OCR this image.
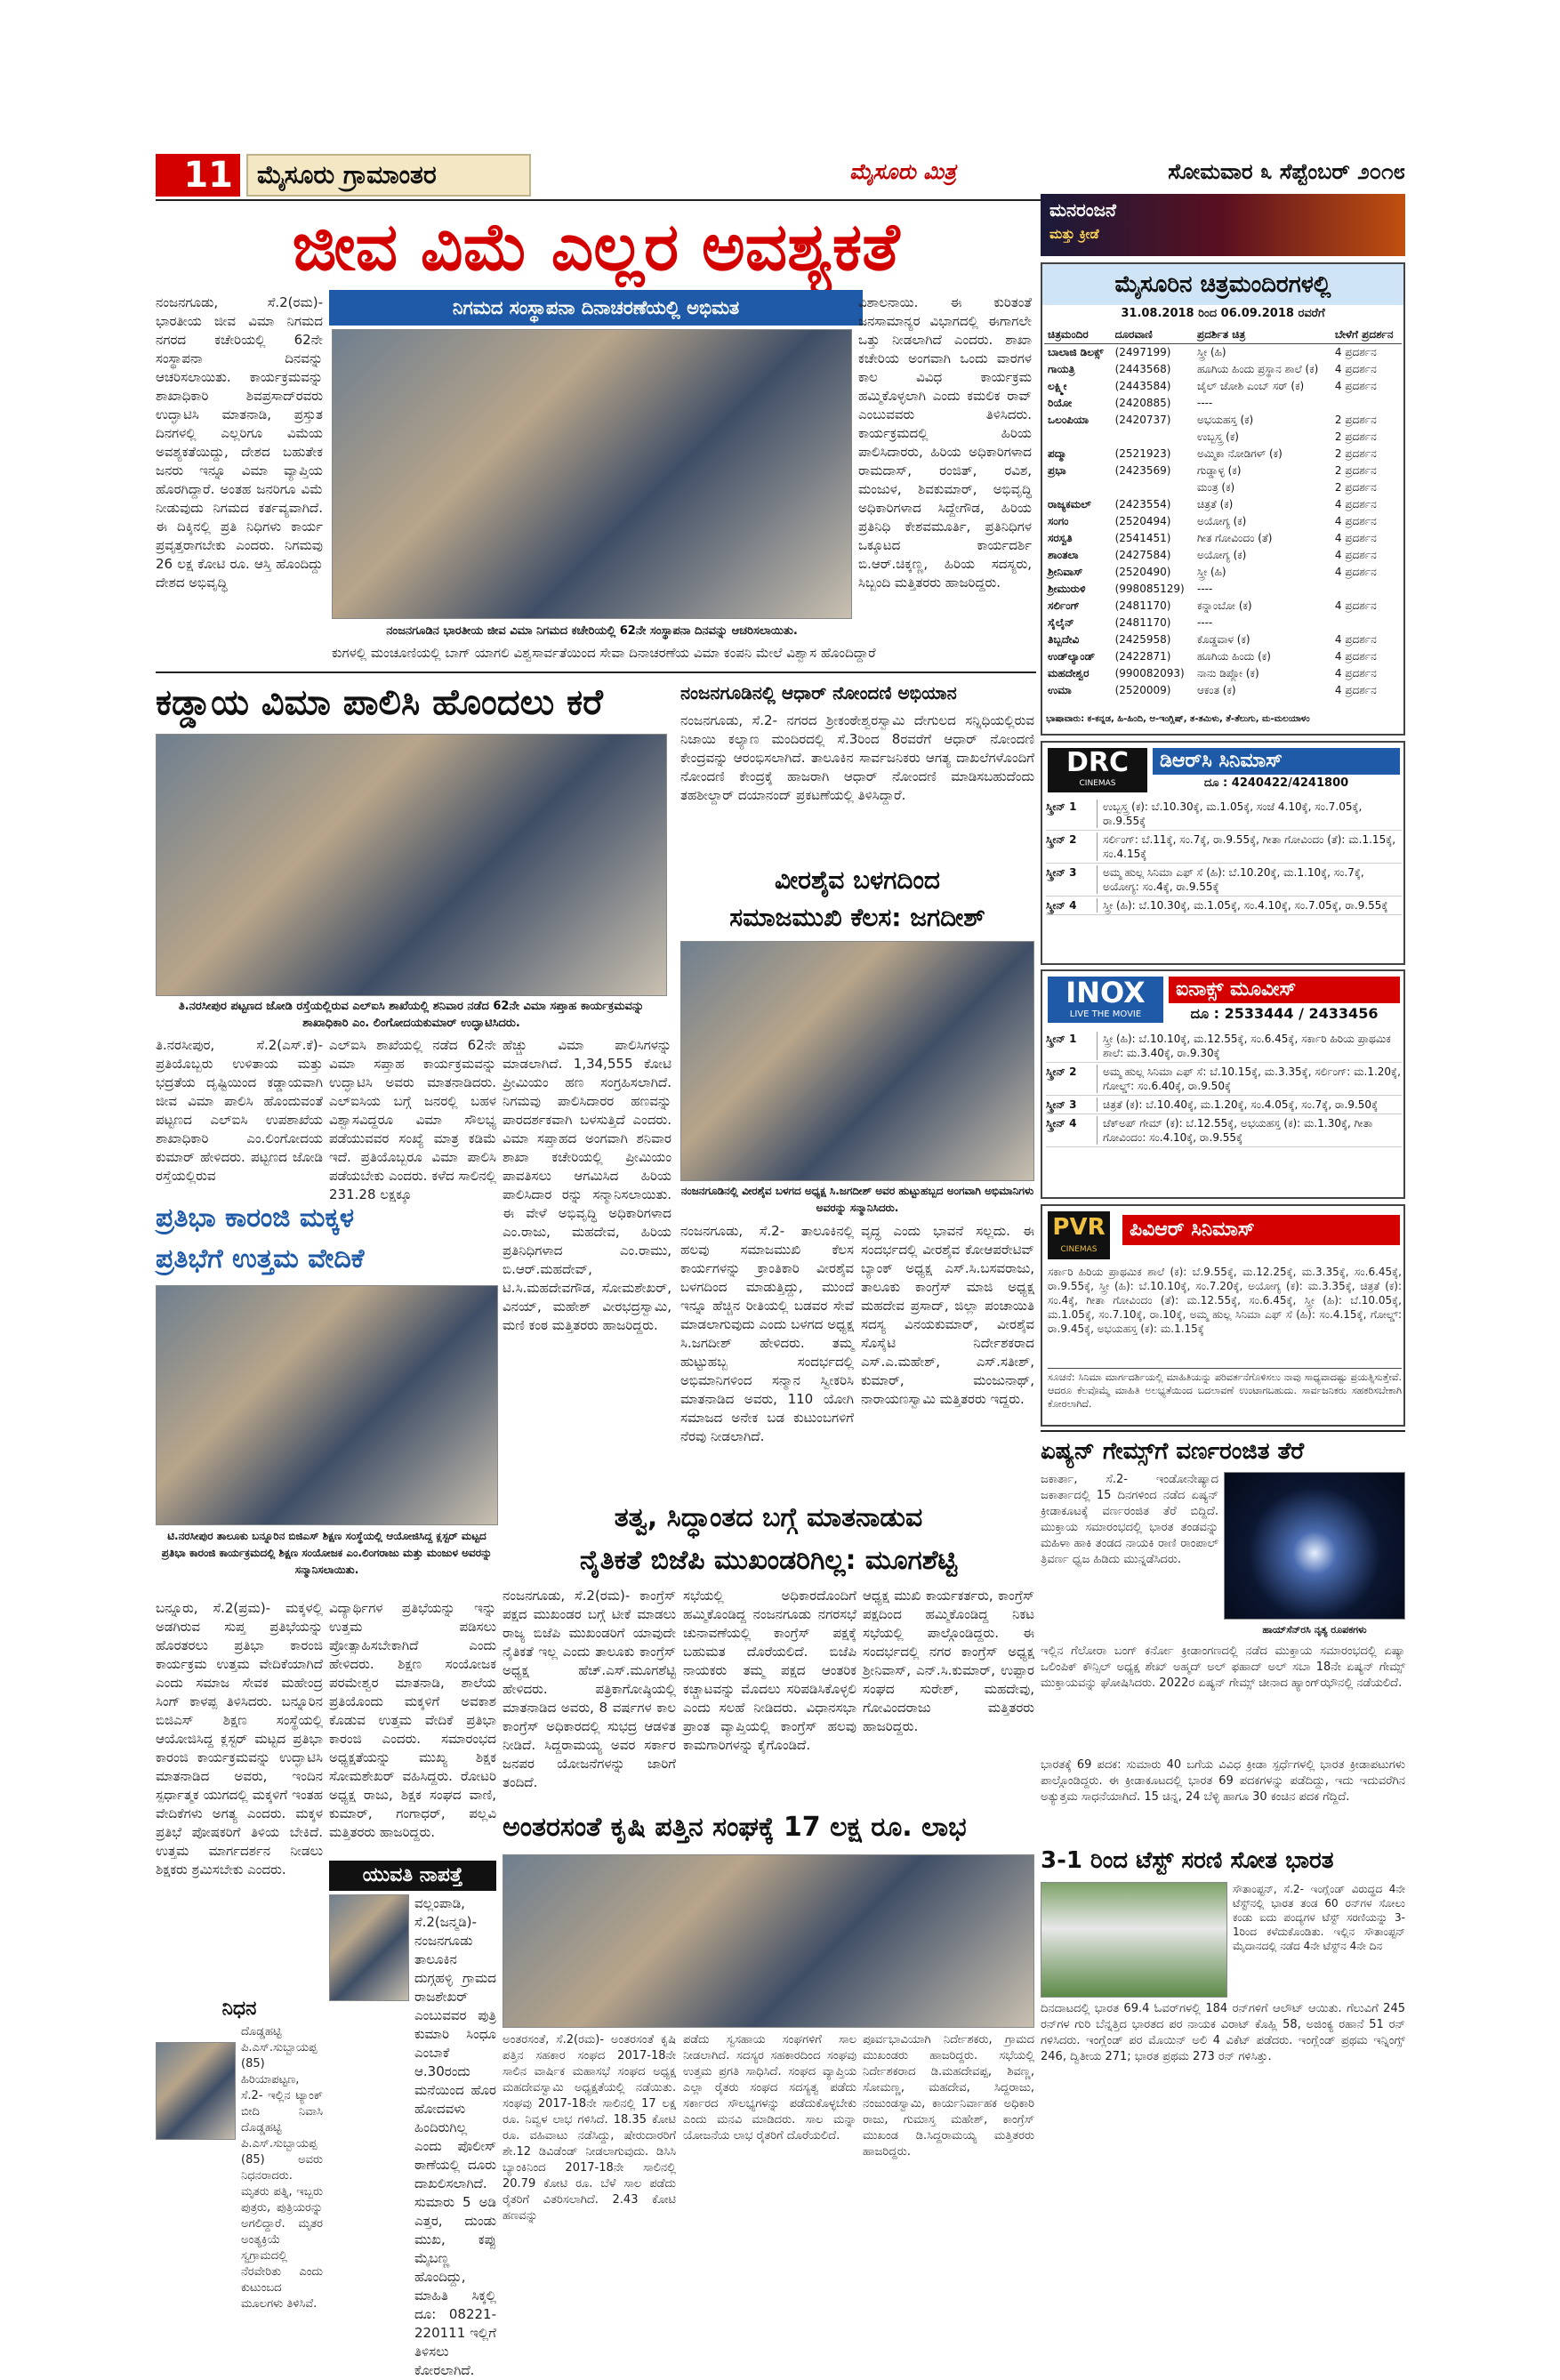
11 ಮೈಸೂರು ಗ್ರಾಮಾಂತರ	ಮೈಸೂರು ಮಿತ್ರ	ಸೋಮವಾರ ೩ ಸೆಪ್ಟೆಂಬರ್ ೨೦೧೮
ಜೀವ ವಿಮೆ ಎಲ್ಲರ ಅವಶ್ಯಕತೆ
ನಿಗಮದ ಸಂಸ್ಥಾಪನಾ ದಿನಾಚರಣೆಯಲ್ಲಿ ಅಭಿಮತ
ನಂಜನಗೂಡು, ಸೆ.2(ರಮ)- ಭಾರತೀಯ ಜೀವ ವಿಮಾ ನಿಗಮದ ನಗರದ ಕಚೇರಿಯಲ್ಲಿ 62ನೇ ಸಂಸ್ಥಾಪನಾ ದಿನವನ್ನು ಆಚರಿಸಲಾಯಿತು. ಕಾರ್ಯಕ್ರಮವನ್ನು ಶಾಖಾಧಿಕಾರಿ ಶಿವಪ್ರಸಾದ್‌ರವರು ಉದ್ಘಾಟಿಸಿ ಮಾತನಾಡಿ, ಪ್ರಸ್ತುತ ದಿನಗಳಲ್ಲಿ ಎಲ್ಲರಿಗೂ ವಿಮೆಯ ಅವಶ್ಯಕತೆಯಿದ್ದು, ದೇಶದ ಬಹುತೇಕ ಜನರು ಇನ್ನೂ ವಿಮಾ ವ್ಯಾಪ್ತಿಯ ಹೊರಗಿದ್ದಾರೆ. ಅಂತಹ ಜನರಿಗೂ ವಿಮೆ ನೀಡುವುದು ನಿಗಮದ ಕರ್ತವ್ಯವಾಗಿದೆ. ಈ ದಿಕ್ಕಿನಲ್ಲಿ ಪ್ರತಿ ನಿಧಿಗಳು ಕಾರ್ಯ ಪ್ರವೃತ್ತರಾಗಬೇಕು ಎಂದರು. ನಿಗಮವು 26 ಲಕ್ಷ ಕೋಟಿ ರೂ. ಆಸ್ತಿ ಹೊಂದಿದ್ದು ದೇಶದ ಅಭಿವೃದ್ಧಿ
ನಂಜನಗೂಡಿನ ಭಾರತೀಯ ಜೀವ ವಿಮಾ ನಿಗಮದ ಕಚೇರಿಯಲ್ಲಿ 62ನೇ ಸಂಸ್ಥಾಪನಾ ದಿನವನ್ನು ಆಚರಿಸಲಾಯಿತು.
ಕುಗಳಲ್ಲಿ ಮಂಚೂಣಿಯಲ್ಲಿ ಬಾಗ್ ಯಾಗಲಿ ವಿಶ್ವಸಾರ್ವತೆಯಿಂದ ಸೇವಾ ದಿನಾಚರಣೆಯ ವಿಮಾ ಕಂಪನಿ ಮೇಲೆ ವಿಶ್ವಾಸ ಹೊಂದಿದ್ದಾರೆ
ವಿಶಾಲನಾಯಿ. ಈ ಕುರಿತಂತೆ ಜನಸಾಮಾನ್ಯರ ವಿಭಾಗದಲ್ಲಿ ಈಗಾಗಲೇ ಒತ್ತು ನೀಡಲಾಗಿದೆ ಎಂದರು. ಶಾಖಾ ಕಚೇರಿಯ ಅಂಗವಾಗಿ ಒಂದು ವಾರಗಳ ಕಾಲ ವಿವಿಧ ಕಾರ್ಯಕ್ರಮ ಹಮ್ಮಿಕೊಳ್ಳಲಾಗಿ ಎಂದು ಕಮಲಿಕ ರಾವ್ ಎಂಬುವವರು ತಿಳಿಸಿದರು. ಕಾರ್ಯಕ್ರಮದಲ್ಲಿ ಹಿರಿಯ ಪಾಲಿಸಿದಾರರು, ಹಿರಿಯ ಅಧಿಕಾರಿಗಳಾದ ರಾಮದಾಸ್, ರಂಜಿತ್, ರವಿಶ, ಮಂಜುಳ, ಶಿವಕುಮಾರ್, ಅಭಿವೃದ್ಧಿ ಅಧಿಕಾರಿಗಳಾದ ಸಿದ್ದೇಗೌಡ, ಹಿರಿಯ ಪ್ರತಿನಿಧಿ ಕೇಶವಮೂರ್ತಿ, ಪ್ರತಿನಿಧಿಗಳ ಒಕ್ಕೂಟದ ಕಾರ್ಯದರ್ಶಿ ಬಿ.ಆರ್.ಚಿಕ್ಕಣ್ಣ, ಹಿರಿಯ ಸದಸ್ಯರು, ಸಿಬ್ಬಂದಿ ಮತ್ತಿತರರು ಹಾಜರಿದ್ದರು.
ಮನರಂಜನೆ
ಮತ್ತು ಕ್ರೀಡೆ
ಮೈಸೂರಿನ ಚಿತ್ರಮಂದಿರಗಳಲ್ಲಿ
31.08.2018 ರಿಂದ 06.09.2018 ರವರೆಗೆ
ಚಿತ್ರಮಂದಿರ	ದೂರವಾಣಿ	ಪ್ರದರ್ಶಿತ ಚಿತ್ರ	ಬೇಳೆಗೆ ಪ್ರದರ್ಶನ
ಬಾಲಾಜಿ ಡಿಲಕ್ಸ್	(2497199)	ಸ್ತ್ರೀ (ಹಿ)	4 ಪ್ರದರ್ಶನ
ಗಾಯತ್ರಿ	(2443568)	ಹೂಗಿಯ ಹಿಂದು ಪ್ರಸ್ಥಾನ ಶಾಲೆ (ಕ)	4 ಪ್ರದರ್ಶನ
ಲಕ್ಷ್ಮೀ	(2443584)	ಜೈಲ್ ಜೋಶಿ ಎಂಬ್ ಸರ್ (ಕ)	4 ಪ್ರದರ್ಶನ
ರಿಯೋ	(2420885)	----	
ಒಲಂಪಿಯಾ	(2420737)	ಅಭಯಹಸ್ತ (ಕ)	2 ಪ್ರದರ್ಶನ
		ಉಬ್ಬಸ್ತ್ರ (ಕ)	2 ಪ್ರದರ್ಶನ
ಪದ್ಮಾ	(2521923)	ಅಮ್ಮಿಕಾ ನೋಡಿಗಳ್ (ಕ)	2 ಪ್ರದರ್ಶನ
ಪ್ರಭಾ	(2423569)	ಗುಡ್ಡಾಳ್ಳ (ಕ)	2 ಪ್ರದರ್ಶನ
		ಮಂತ್ರ (ಕ)	2 ಪ್ರದರ್ಶನ
ರಾಜ್ಯಕಮಲ್	(2423554)	ಚಿತ್ರತೆ (ಕ)	4 ಪ್ರದರ್ಶನ
ಸಂಗಂ	(2520494)	ಅಯೋಗ್ಯ (ಕ)	4 ಪ್ರದರ್ಶನ
ಸರಸ್ವತಿ	(2541451)	ಗೀತ ಗೋವಿಂದಂ (ತೆ)	4 ಪ್ರದರ್ಶನ
ಶಾಂತಲಾ	(2427584)	ಅಯೋಗ್ಯ (ಕ)	4 ಪ್ರದರ್ಶನ
ಶ್ರೀನಿವಾಸ್	(2520490)	ಸ್ತ್ರೀ (ಹಿ)	4 ಪ್ರದರ್ಶನ
ಶ್ರೀಮುರುಳಿ	(998085129)	----	
ಸರ್ಲಿಂಗ್	(2481170)	ಕನ್ನಾಂಬೋ (ಕ)	4 ಪ್ರದರ್ಶನ
ಸೈಲೈನ್	(2481170)	----	
ತಿಬ್ಬದೇವಿ	(2425958)	ಕೊಡ್ಡವಾಳ (ಕ)	4 ಪ್ರದರ್ಶನ
ಉಡ್‌ಲ್ಯಾಂಡ್	(2422871)	ಹೂಗಿಯ ಹಿಂದು (ಕ)	4 ಪ್ರದರ್ಶನ
ಮಹದೇಶ್ವರ	(990082093)	ನಾನು ಡಿಪ್ಲೋ (ಕ)	4 ಪ್ರದರ್ಶನ
ಉಮಾ	(2520009)	ಆಕಂತ (ಕ)	4 ಪ್ರದರ್ಶನ
ಭಾಷಾವಾರು: ಕ-ಕನ್ನಡ, ಹಿ-ಹಿಂದಿ, ಆ-ಇಂಗ್ಲಿಷ್, ತ-ತಮಿಳು, ತೆ-ತೆಲುಗು, ಮ-ಮಲಯಾಳಂ
DRC
CINEMAS
ಡಿಆರ್‌ಸಿ ಸಿನಿಮಾಸ್
ದೂ : 4240422/4241800
ಸ್ಕ್ರೀನ್ 1	ಉಬ್ಬಸ್ತ್ರ (ಕ): ಬೆ.10.30ಕ್ಕೆ, ಮ.1.05ಕ್ಕೆ, ಸಂಜೆ 4.10ಕ್ಕೆ, ಸಂ.7.05ಕ್ಕೆ, ರಾ.9.55ಕ್ಕೆ
ಸ್ಕ್ರೀನ್ 2	ಸರ್ಲಿಂಗ್: ಬೆ.11ಕ್ಕೆ, ಸಂ.7ಕ್ಕೆ, ರಾ.9.55ಕ್ಕೆ, ಗೀತಾ ಗೋವಿಂದಂ (ತೆ): ಮ.1.15ಕ್ಕೆ, ಸಂ.4.15ಕ್ಕೆ
ಸ್ಕ್ರೀನ್ 3	ಅಮ್ಮ ಹುಲ್ಲ ಸಿನಿಮಾ ಎಫ್ ಸೆ (ಹಿ): ಬೆ.10.20ಕ್ಕೆ, ಮ.1.10ಕ್ಕೆ, ಸಂ.7ಕ್ಕೆ, ಅಯೋಗ್ಯ: ಸಂ.4ಕ್ಕೆ, ರಾ.9.55ಕ್ಕೆ
ಸ್ಕ್ರೀನ್ 4	ಸ್ತ್ರೀ (ಹಿ): ಬೆ.10.30ಕ್ಕೆ, ಮ.1.05ಕ್ಕೆ, ಸಂ.4.10ಕ್ಕೆ, ಸಂ.7.05ಕ್ಕೆ, ರಾ.9.55ಕ್ಕೆ
INOX
LIVE THE MOVIE
ಐನಾಕ್ಸ್ ಮೂವೀಸ್
ದೂ : 2533444 / 2433456
ಸ್ಕ್ರೀನ್ 1	ಸ್ತ್ರೀ (ಹಿ): ಬೆ.10.10ಕ್ಕೆ, ಮ.12.55ಕ್ಕೆ, ಸಂ.6.45ಕ್ಕೆ, ಸರ್ಕಾರಿ ಹಿರಿಯ ಪ್ರಾಥಮಿಕ ಶಾಲೆ: ಮ.3.40ಕ್ಕೆ, ರಾ.9.30ಕ್ಕೆ
ಸ್ಕ್ರೀನ್ 2	ಅಮ್ಮ ಹುಲ್ಲ ಸಿನಿಮಾ ಎಫ್ ಸೆ: ಬೆ.10.15ಕ್ಕೆ, ಮ.3.35ಕ್ಕೆ, ಸರ್ಲಿಂಗ್: ಮ.1.20ಕ್ಕೆ, ಗೋಲ್ಡ್: ಸಂ.6.40ಕ್ಕೆ, ರಾ.9.50ಕ್ಕೆ
ಸ್ಕ್ರೀನ್ 3	ಚಿತ್ರತೆ (ಕ): ಬೆ.10.40ಕ್ಕೆ, ಮ.1.20ಕ್ಕೆ, ಸಂ.4.05ಕ್ಕೆ, ಸಂ.7ಕ್ಕೆ, ರಾ.9.50ಕ್ಕೆ
ಸ್ಕ್ರೀನ್ 4	ಚೆಕ್‌ಅಪ್ ಗೇಮ್ (ಕ): ಬೆ.12.55ಕ್ಕೆ, ಅಭಯಹಸ್ತ (ಕ): ಮ.1.30ಕ್ಕೆ, ಗೀತಾ ಗೋವಿಂದಂ: ಸಂ.4.10ಕ್ಕೆ, ರಾ.9.55ಕ್ಕೆ
PVR
CINEMAS
ಪಿವಿಆರ್ ಸಿನಿಮಾಸ್
ಸರ್ಕಾರಿ ಹಿರಿಯ ಪ್ರಾಥಮಿಕ ಶಾಲೆ (ಕ): ಬೆ.9.55ಕ್ಕೆ, ಮ.12.25ಕ್ಕೆ, ಮ.3.35ಕ್ಕೆ, ಸಂ.6.45ಕ್ಕೆ, ರಾ.9.55ಕ್ಕೆ, ಸ್ತ್ರೀ (ಹಿ): ಬೆ.10.10ಕ್ಕೆ, ಸಂ.7.20ಕ್ಕೆ, ಅಯೋಗ್ಯ (ಕ): ಮ.3.35ಕ್ಕೆ, ಚಿತ್ರತೆ (ಕ): ಸಂ.4ಕ್ಕೆ, ಗೀತಾ ಗೋವಿಂದಂ (ತೆ): ಮ.12.55ಕ್ಕೆ, ಸಂ.6.45ಕ್ಕೆ, ಸ್ತ್ರೀ (ಹಿ): ಬೆ.10.05ಕ್ಕೆ, ಮ.1.05ಕ್ಕೆ, ಸಂ.7.10ಕ್ಕೆ, ರಾ.10ಕ್ಕೆ, ಅಮ್ಮ ಹುಲ್ಲ ಸಿನಿಮಾ ಎಫ್ ಸೆ (ಹಿ): ಸಂ.4.15ಕ್ಕೆ, ಗೋಲ್ಡ್: ರಾ.9.45ಕ್ಕೆ, ಅಭಯಹಸ್ತ (ಕ): ಮ.1.15ಕ್ಕೆ
ಸೂಚನೆ: ಸಿನಿಮಾ ಮಾರ್ಗದರ್ಶಿಯಲ್ಲಿ ಮಾಹಿತಿಯನ್ನು ಪರಿವರ್ತನೆಗೊಳಿಸಲು ನಾವು ಸಾಧ್ಯವಾದಷ್ಟು ಪ್ರಯತ್ನಿಸುತ್ತೇವೆ. ಆದರೂ ಕೆಲವೊಮ್ಮೆ ಮಾಹಿತಿ ಅಲಭ್ಯತೆಯಿಂದ ಬದಲಾವಣೆ ಉಂಟಾಗಬಹುದು. ಸಾರ್ವಜನಿಕರು ಸಹಕರಿಸಬೇಕಾಗಿ ಕೋರಲಾಗಿದೆ.
ಕಡ್ಡಾಯ ವಿಮಾ ಪಾಲಿಸಿ ಹೊಂದಲು ಕರೆ
ತಿ.ನರಸೀಪುರ ಪಟ್ಟಣದ ಜೋಡಿ ರಸ್ತೆಯಲ್ಲಿರುವ ಎಲ್‌ಐಸಿ ಶಾಖೆಯಲ್ಲಿ ಶನಿವಾರ ನಡೆದ 62ನೇ ವಿಮಾ ಸಪ್ತಾಹ ಕಾರ್ಯಕ್ರಮವನ್ನು ಶಾಖಾಧಿಕಾರಿ ಎಂ. ಲಿಂಗೋದಯಕುಮಾರ್ ಉದ್ಘಾಟಿಸಿದರು.
ತಿ.ನರಸೀಪುರ, ಸೆ.2(ಎಸ್.ಕೆ)- ಪ್ರತಿಯೊಬ್ಬರು ಉಳಿತಾಯ ಮತ್ತು ಭದ್ರತೆಯ ದೃಷ್ಟಿಯಿಂದ ಕಡ್ಡಾಯವಾಗಿ ಜೀವ ವಿಮಾ ಪಾಲಿಸಿ ಹೊಂದುವಂತೆ ಪಟ್ಟಣದ ಎಲ್‌ಐಸಿ ಉಪಶಾಖೆಯ ಶಾಖಾಧಿಕಾರಿ ಎಂ.ಲಿಂಗೋದಯ ಕುಮಾರ್ ಹೇಳಿದರು. ಪಟ್ಟಣದ ಜೋಡಿ ರಸ್ತೆಯಲ್ಲಿರುವ
ಎಲ್‌ಐಸಿ ಶಾಖೆಯಲ್ಲಿ ನಡೆದ 62ನೇ ವಿಮಾ ಸಪ್ತಾಹ ಕಾರ್ಯಕ್ರಮವನ್ನು ಉದ್ಘಾಟಿಸಿ ಅವರು ಮಾತನಾಡಿದರು. ಎಲ್‌ಐಸಿಯ ಬಗ್ಗೆ ಜನರಲ್ಲಿ ಬಹಳ ವಿಶ್ವಾಸವಿದ್ದರೂ ವಿಮಾ ಸೌಲಭ್ಯ ಪಡೆಯುವವರ ಸಂಖ್ಯೆ ಮಾತ್ರ ಕಡಿಮೆ ಇದೆ. ಪ್ರತಿಯೊಬ್ಬರೂ ವಿಮಾ ಪಾಲಿಸಿ ಪಡೆಯಬೇಕು ಎಂದರು. ಕಳೆದ ಸಾಲಿನಲ್ಲಿ 231.28 ಲಕ್ಷಕ್ಕೂ
ಹೆಚ್ಚು ವಿಮಾ ಪಾಲಿಸಿಗಳನ್ನು ಮಾಡಲಾಗಿದೆ. 1,34,555 ಕೋಟಿ ಪ್ರೀಮಿಯಂ ಹಣ ಸಂಗ್ರಹಿಸಲಾಗಿದೆ. ನಿಗಮವು ಪಾಲಿಸಿದಾರರ ಹಣವನ್ನು ಪಾರದರ್ಶಕವಾಗಿ ಬಳಸುತ್ತಿದೆ ಎಂದರು. ವಿಮಾ ಸಪ್ತಾಹದ ಅಂಗವಾಗಿ ಶನಿವಾರ ಶಾಖಾ ಕಚೇರಿಯಲ್ಲಿ ಪ್ರೀಮಿಯಂ ಪಾವತಿಸಲು ಆಗಮಿಸಿದ ಹಿರಿಯ ಪಾಲಿಸಿದಾರ ರನ್ನು ಸನ್ಮಾನಿಸಲಾಯಿತು. ಈ ವೇಳೆ ಅಭಿವೃದ್ಧಿ ಅಧಿಕಾರಿಗಳಾದ ಎಂ.ರಾಜು, ಮಹದೇವ, ಹಿರಿಯ ಪ್ರತಿನಿಧಿಗಳಾದ ಎಂ.ರಾಮು, ಬಿ.ಆರ್.ಮಹದೇವ್, ಟಿ.ಸಿ.ಮಹದೇವಗೌಡ, ಸೋಮಶೇಖರ್, ವಿನಯ್, ಮಹೇಶ್ ವೀರಭದ್ರಸ್ವಾಮಿ, ಮಣಿ ಕಂಠ ಮತ್ತಿತರರು ಹಾಜರಿದ್ದರು.
ನಂಜನಗೂಡಿನಲ್ಲಿ ಆಧಾರ್ ನೋಂದಣಿ ಅಭಿಯಾನ
ನಂಜನಗೂಡು, ಸೆ.2- ನಗರದ ಶ್ರೀಕಂಠೇಶ್ವರಸ್ವಾಮಿ ದೇಗುಲದ ಸನ್ನಿಧಿಯಲ್ಲಿರುವ ನಿಜಾಯಿ ಕಲ್ಯಾಣ ಮಂದಿರದಲ್ಲಿ ಸೆ.3ರಿಂದ 8ರವರೆಗೆ ಆಧಾರ್ ನೋಂದಣಿ ಕೇಂದ್ರವನ್ನು ಆರಂಭಿಸಲಾಗಿದೆ. ತಾಲೂಕಿನ ಸಾರ್ವಜನಿಕರು ಆಗತ್ಯ ದಾಖಲೆಗಳೊಂದಿಗೆ ನೋಂದಣಿ ಕೇಂದ್ರಕ್ಕೆ ಹಾಜರಾಗಿ ಆಧಾರ್ ನೋಂದಣಿ ಮಾಡಿಸಬಹುದೆಂದು ತಹಶೀಲ್ದಾರ್ ದಯಾನಂದ್ ಪ್ರಕಟಣೆಯಲ್ಲಿ ತಿಳಿಸಿದ್ದಾರೆ.
ವೀರಶೈವ ಬಳಗದಿಂದ
ಸಮಾಜಮುಖಿ ಕೆಲಸ: ಜಗದೀಶ್
ನಂಜನಗೂಡಿನಲ್ಲಿ ವೀರಶೈವ ಬಳಗದ ಅಧ್ಯಕ್ಷ ಸಿ.ಜಗದೀಶ್ ಅವರ ಹುಟ್ಟುಹಬ್ಬದ ಅಂಗವಾಗಿ ಅಭಿಮಾನಿಗಳು ಅವರನ್ನು ಸನ್ಮಾನಿಸಿದರು.
ನಂಜನಗೂಡು, ಸೆ.2- ತಾಲೂಕಿನಲ್ಲಿ ಹಲವು ಸಮಾಜಮುಖಿ ಕೆಲಸ ಕಾರ್ಯಗಳನ್ನು ಕ್ರಾಂತಿಕಾರಿ ವೀರಶೈವ ಬಳಗದಿಂದ ಮಾಡುತ್ತಿದ್ದು, ಮುಂದೆ ಇನ್ನೂ ಹೆಚ್ಚಿನ ರೀತಿಯಲ್ಲಿ ಬಡವರ ಸೇವೆ ಮಾಡಲಾಗುವುದು ಎಂದು ಬಳಗದ ಅಧ್ಯಕ್ಷ ಸಿ.ಜಗದೀಶ್ ಹೇಳಿದರು. ತಮ್ಮ ಹುಟ್ಟುಹಬ್ಬ ಸಂದರ್ಭದಲ್ಲಿ ಅಭಿಮಾನಿಗಳಿಂದ ಸನ್ಮಾನ ಸ್ವೀಕರಿಸಿ ಮಾತನಾಡಿದ ಅವರು, 110 ಯೋಗಿ ಸಮಾಜದ ಅನೇಕ ಬಡ ಕುಟುಂಬಗಳಿಗೆ ನೆರವು ನೀಡಲಾಗಿದೆ.
ವೃದ್ಧ ಎಂದು ಭಾವನೆ ಸಲ್ಲದು. ಈ ಸಂದರ್ಭದಲ್ಲಿ ವೀರಶೈವ ಕೋಆಪರೇಟಿವ್ ಬ್ಯಾಂಕ್ ಅಧ್ಯಕ್ಷ ಎಸ್.ಸಿ.ಬಸವರಾಜು, ತಾಲೂಕು ಕಾಂಗ್ರೆಸ್ ಮಾಜಿ ಅಧ್ಯಕ್ಷ ಮಹದೇವ ಪ್ರಸಾದ್, ಜಿಲ್ಲಾ ಪಂಚಾಯಿತಿ ಸದಸ್ಯ ವಿನಯಕುಮಾರ್, ವೀರಶೈವ ಸೊಸೈಟಿ ನಿರ್ದೇಶಕರಾದ ಎಸ್.ಎ.ಮಹೇಶ್, ಎಸ್.ಸತೀಶ್, ಕುಮಾರ್, ಮಂಜುನಾಥ್, ನಾರಾಯಣಸ್ವಾಮಿ ಮತ್ತಿತರರು ಇದ್ದರು.
ಪ್ರತಿಭಾ ಕಾರಂಜಿ ಮಕ್ಕಳ
ಪ್ರತಿಭೆಗೆ ಉತ್ತಮ ವೇದಿಕೆ
ಟಿ.ನರಸೀಪುರ ತಾಲೂಕು ಬನ್ನೂರಿನ ಬಿಜಿಎಸ್ ಶಿಕ್ಷಣ ಸಂಸ್ಥೆಯಲ್ಲಿ ಆಯೋಜಿಸಿದ್ದ ಕ್ಲಸ್ಟರ್ ಮಟ್ಟದ ಪ್ರತಿಭಾ ಕಾರಂಜಿ ಕಾರ್ಯಕ್ರಮದಲ್ಲಿ ಶಿಕ್ಷಣ ಸಂಯೋಜಕ ಎಂ.ಲಿಂಗರಾಜು ಮತ್ತು ಮಂಜುಳ ಅವರನ್ನು ಸನ್ಮಾನಿಸಲಾಯಿತು.
ತತ್ವ, ಸಿದ್ಧಾಂತದ ಬಗ್ಗೆ ಮಾತನಾಡುವ
ನೈತಿಕತೆ ಬಿಜೆಪಿ ಮುಖಂಡರಿಗಿಲ್ಲ: ಮೂಗಶೆಟ್ಟಿ
ನಂಜನಗೂಡು, ಸೆ.2(ರಮ)- ಕಾಂಗ್ರೆಸ್ ಪಕ್ಷದ ಮುಖಂಡರ ಬಗ್ಗೆ ಟೀಕೆ ಮಾಡಲು ರಾಜ್ಯ ಬಿಜೆಪಿ ಮುಖಂಡರಿಗೆ ಯಾವುದೇ ನೈತಿಕತೆ ಇಲ್ಲ ಎಂದು ತಾಲೂಕು ಕಾಂಗ್ರೆಸ್ ಅಧ್ಯಕ್ಷ ಹೆಚ್.ಎಸ್.ಮೂಗಶೆಟ್ಟಿ ಹೇಳಿದರು. ಪತ್ರಿಕಾಗೋಷ್ಠಿಯಲ್ಲಿ ಮಾತನಾಡಿದ ಅವರು, 8 ವರ್ಷಗಳ ಕಾಲ ಕಾಂಗ್ರೆಸ್ ಅಧಿಕಾರದಲ್ಲಿ ಸುಭದ್ರ ಆಡಳಿತ ನೀಡಿದೆ. ಸಿದ್ದರಾಮಯ್ಯ ಅವರ ಸರ್ಕಾರ ಜನಪರ ಯೋಜನೆಗಳನ್ನು ಜಾರಿಗೆ ತಂದಿದೆ.
ಸಭೆಯಲ್ಲಿ ಅಧಿಕಾರದೊಂದಿಗೆ ಹಮ್ಮಿಕೊಂಡಿದ್ದ ನಂಜನಗೂಡು ನಗರಸಭೆ ಚುನಾವಣೆಯಲ್ಲಿ ಕಾಂಗ್ರೆಸ್ ಪಕ್ಷಕ್ಕೆ ಬಹುಮತ ದೊರೆಯಲಿದೆ. ಬಿಜೆಪಿ ನಾಯಕರು ತಮ್ಮ ಪಕ್ಷದ ಆಂತರಿಕ ಕಚ್ಚಾಟವನ್ನು ಮೊದಲು ಸರಿಪಡಿಸಿಕೊಳ್ಳಲಿ ಎಂದು ಸಲಹೆ ನೀಡಿದರು. ವಿಧಾನಸಭಾ ಪ್ರಾಂತ ವ್ಯಾಪ್ತಿಯಲ್ಲಿ ಕಾಂಗ್ರೆಸ್ ಹಲವು ಕಾಮಗಾರಿಗಳನ್ನು ಕೈಗೊಂಡಿದೆ.
ಆಧ್ಯಕ್ಷ ಮುಖಿ ಕಾರ್ಯಕರ್ತರು, ಕಾಂಗ್ರೆಸ್ ಪಕ್ಷದಿಂದ ಹಮ್ಮಿಕೊಂಡಿದ್ದ ನಿಕಟ ಸಭೆಯಲ್ಲಿ ಪಾಲ್ಗೊಂಡಿದ್ದರು. ಈ ಸಂದರ್ಭದಲ್ಲಿ ನಗರ ಕಾಂಗ್ರೆಸ್ ಅಧ್ಯಕ್ಷ ಶ್ರೀನಿವಾಸ್, ಎನ್.ಸಿ.ಕುಮಾರ್, ಉಪ್ಪಾರ ಸಂಘದ ಸುರೇಶ್, ಮಹದೇವು, ಗೋವಿಂದರಾಜು ಮತ್ತಿತರರು ಹಾಜರಿದ್ದರು.
ಬನ್ನೂರು, ಸೆ.2(ಪ್ರಮ)- ಮಕ್ಕಳಲ್ಲಿ ಅಡಗಿರುವ ಸುಪ್ತ ಪ್ರತಿಭೆಯನ್ನು ಹೊರತರಲು ಪ್ರತಿಭಾ ಕಾರಂಜಿ ಕಾರ್ಯಕ್ರಮ ಉತ್ತಮ ವೇದಿಕೆಯಾಗಿದೆ ಎಂದು ಸಮಾಜ ಸೇವಕ ಮಹೇಂದ್ರ ಸಿಂಗ್ ಕಾಳಪ್ಪ ತಿಳಿಸಿದರು. ಬನ್ನೂರಿನ ಬಿಜಿಎಸ್ ಶಿಕ್ಷಣ ಸಂಸ್ಥೆಯಲ್ಲಿ ಆಯೋಜಿಸಿದ್ದ ಕ್ಲಸ್ಟರ್ ಮಟ್ಟದ ಪ್ರತಿಭಾ ಕಾರಂಜಿ ಕಾರ್ಯಕ್ರಮವನ್ನು ಉದ್ಘಾಟಿಸಿ ಮಾತನಾಡಿದ ಅವರು, ಇಂದಿನ ಸ್ಪರ್ಧಾತ್ಮಕ ಯುಗದಲ್ಲಿ ಮಕ್ಕಳಿಗೆ ಇಂತಹ ವೇದಿಕೆಗಳು ಅಗತ್ಯ ಎಂದರು. ಮಕ್ಕಳ ಪ್ರತಿಭೆ ಪೋಷಕರಿಗೆ ತಿಳಿಯ ಬೇಕಿದೆ. ಉತ್ತಮ ಮಾರ್ಗದರ್ಶನ ನೀಡಲು ಶಿಕ್ಷಕರು ಶ್ರಮಿಸಬೇಕು ಎಂದರು.
ವಿದ್ಯಾರ್ಥಿಗಳ ಪ್ರತಿಭೆಯನ್ನು ಇನ್ನು ಉತ್ತಮ ಪಡಿಸಲು ಪ್ರೋತ್ಸಾಹಿಸಬೇಕಾಗಿದೆ ಎಂದು ಹೇಳಿದರು. ಶಿಕ್ಷಣ ಸಂಯೋಜಕ ಪರಮೇಶ್ವರ ಮಾತನಾಡಿ, ಶಾಲೆಯ ಪ್ರತಿಯೊಂದು ಮಕ್ಕಳಿಗೆ ಅವಕಾಶ ಕೊಡುವ ಉತ್ತಮ ವೇದಿಕೆ ಪ್ರತಿಭಾ ಕಾರಂಜಿ ಎಂದರು. ಸಮಾರಂಭದ ಅಧ್ಯಕ್ಷತೆಯನ್ನು ಮುಖ್ಯ ಶಿಕ್ಷಕ ಸೋಮಶೇಖರ್ ವಹಿಸಿದ್ದರು. ರೋಟರಿ ಅಧ್ಯಕ್ಷ ರಾಜು, ಶಿಕ್ಷಕ ಸಂಘದ ವಾಣಿ, ಕುಮಾರ್, ಗಂಗಾಧರ್, ಪಲ್ಲವಿ ಮತ್ತಿತರರು ಹಾಜರಿದ್ದರು.
ಯುವತಿ ನಾಪತ್ತೆ
ವಲ್ಲಂಪಾಡಿ, ಸೆ.2(ಜನ್ಮಡಿ)- ನಂಜನಗೂಡು ತಾಲೂಕಿನ ದುಗ್ಗಹಳ್ಳಿ ಗ್ರಾಮದ ರಾಜಶೇಖರ್ ಎಂಬುವವರ ಪುತ್ರಿ ಕುಮಾರಿ ಸಿಂಧೂ ಎಂಬಾಕೆ ಆ.30ರಂದು ಮನೆಯಿಂದ ಹೊರ ಹೋದವಳು ಹಿಂದಿರುಗಿಲ್ಲ ಎಂದು ಪೊಲೀಸ್ ಠಾಣೆಯಲ್ಲಿ ದೂರು ದಾಖಲಿಸಲಾಗಿದೆ. ಸುಮಾರು 5 ಅಡಿ ಎತ್ತರ, ದುಂಡು ಮುಖ, ಕಪ್ಪು ಮೈಬಣ್ಣ ಹೊಂದಿದ್ದು, ಮಾಹಿತಿ ಸಿಕ್ಕಲ್ಲಿ ದೂ: 08221-220111 ಇಲ್ಲಿಗೆ ತಿಳಿಸಲು ಕೋರಲಾಗಿದೆ.
ನಿಧನ
ದೊಡ್ಡಹಟ್ಟಿ ಪಿ.ಎಸ್.ಸುಬ್ಬಾಯಪ್ಪ (85) ಹಿರಿಯಾಪಟ್ಟಣ, ಸೆ.2- ಇಲ್ಲಿನ ಟ್ಯಾಂಕ್ ಬೀದಿ ನಿವಾಸಿ ದೊಡ್ಡಹಟ್ಟಿ ಪಿ.ಎಸ್.ಸುಬ್ಬಾಯಪ್ಪ (85) ಅವರು ನಿಧನರಾದರು. ಮೃತರು ಪತ್ನಿ, ಇಬ್ಬರು ಪುತ್ರರು, ಪುತ್ರಿಯರನ್ನು ಅಗಲಿದ್ದಾರೆ. ಮೃತರ ಅಂತ್ಯಕ್ರಿಯೆ ಸ್ವಗ್ರಾಮದಲ್ಲಿ ನೆರವೇರಿತು ಎಂದು ಕುಟುಂಬದ ಮೂಲಗಳು ತಿಳಿಸಿವೆ.
ಅಂತರಸಂತೆ ಕೃಷಿ ಪತ್ತಿನ ಸಂಘಕ್ಕೆ 17 ಲಕ್ಷ ರೂ. ಲಾಭ
ಅಂತರಸಂತೆ, ಸೆ.2(ರಮ)- ಅಂತರಸಂತೆ ಕೃಷಿ ಪತ್ತಿನ ಸಹಕಾರ ಸಂಘದ 2017-18ನೇ ಸಾಲಿನ ವಾರ್ಷಿಕ ಮಹಾಸಭೆ ಸಂಘದ ಅಧ್ಯಕ್ಷ ಮಹದೇವಸ್ವಾಮಿ ಅಧ್ಯಕ್ಷತೆಯಲ್ಲಿ ನಡೆಯಿತು. ಸಂಘವು 2017-18ನೇ ಸಾಲಿನಲ್ಲಿ 17 ಲಕ್ಷ ರೂ. ನಿವ್ವಳ ಲಾಭ ಗಳಿಸಿದೆ. 18.35 ಕೋಟಿ ರೂ. ವಹಿವಾಟು ನಡೆಸಿದ್ದು, ಷೇರುದಾರರಿಗೆ ಶೇ.12 ಡಿವಿಡೆಂಡ್ ನೀಡಲಾಗುವುದು. ಡಿಸಿಸಿ ಬ್ಯಾಂಕಿನಿಂದ 2017-18ನೇ ಸಾಲಿನಲ್ಲಿ 20.79 ಕೋಟಿ ರೂ. ಬೆಳೆ ಸಾಲ ಪಡೆದು ರೈತರಿಗೆ ವಿತರಿಸಲಾಗಿದೆ. 2.43 ಕೋಟಿ ಹಣವನ್ನು
ಪಡೆದು ಸ್ವಸಹಾಯ ಸಂಘಗಳಿಗೆ ಸಾಲ ನೀಡಲಾಗಿದೆ. ಸದಸ್ಯರ ಸಹಕಾರದಿಂದ ಸಂಘವು ಉತ್ತಮ ಪ್ರಗತಿ ಸಾಧಿಸಿದೆ. ಸಂಘದ ವ್ಯಾಪ್ತಿಯ ಎಲ್ಲಾ ರೈತರು ಸಂಘದ ಸದಸ್ಯತ್ವ ಪಡೆದು ಸರ್ಕಾರದ ಸೌಲಭ್ಯಗಳನ್ನು ಪಡೆದುಕೊಳ್ಳಬೇಕು ಎಂದು ಮನವಿ ಮಾಡಿದರು. ಸಾಲ ಮನ್ನಾ ಯೋಜನೆಯ ಲಾಭ ರೈತರಿಗೆ ದೊರೆಯಲಿದೆ.
ಪೂರ್ವಭಾವಿಯಾಗಿ ನಿರ್ದೇಶಕರು, ಗ್ರಾಮದ ಮುಖಂಡರು ಹಾಜರಿದ್ದರು. ಸಭೆಯಲ್ಲಿ ನಿರ್ದೇಶಕರಾದ ಡಿ.ಮಹದೇವಪ್ಪ, ಶಿವಣ್ಣ, ಸೋಮಣ್ಣ, ಮಹದೇವ, ಸಿದ್ದರಾಜು, ನಂಜುಂಡಸ್ವಾಮಿ, ಕಾರ್ಯನಿರ್ವಾಹಕ ಅಧಿಕಾರಿ ರಾಜು, ಗುಮಾಸ್ತ ಮಹೇಶ್, ಕಾಂಗ್ರೆಸ್ ಮುಖಂಡ ಡಿ.ಸಿದ್ದರಾಮಯ್ಯ ಮತ್ತಿತರರು ಹಾಜರಿದ್ದರು.
ಏಷ್ಯನ್ ಗೇಮ್ಸ್‌ಗೆ ವರ್ಣರಂಜಿತ ತೆರೆ
ಜಕಾರ್ತಾ, ಸೆ.2- ಇಂಡೋನೇಷ್ಯಾದ ಜಕಾರ್ತಾದಲ್ಲಿ 15 ದಿನಗಳಿಂದ ನಡೆದ ಏಷ್ಯನ್ ಕ್ರೀಡಾಕೂಟಕ್ಕೆ ವರ್ಣರಂಜಿತ ತೆರೆ ಬಿದ್ದಿದೆ. ಮುಕ್ತಾಯ ಸಮಾರಂಭದಲ್ಲಿ ಭಾರತ ತಂಡವನ್ನು ಮಹಿಳಾ ಹಾಕಿ ತಂಡದ ನಾಯಕಿ ರಾಣಿ ರಾಂಪಾಲ್ ತ್ರಿವರ್ಣ ಧ್ವಜ ಹಿಡಿದು ಮುನ್ನಡೆಸಿದರು.
ಹಾಯ್‌ಸೆನ್‌ರಸಿ ನೃತ್ಯ ರೂಪಕಗಳು
ಇಲ್ಲಿನ ಗೆಲೋರಾ ಬಂಗ್ ಕರ್ನೋ ಕ್ರೀಡಾಂಗಣದಲ್ಲಿ ನಡೆದ ಮುಕ್ತಾಯ ಸಮಾರಂಭದಲ್ಲಿ ಏಷ್ಯಾ ಒಲಿಂಪಿಕ್ ಕೌನ್ಸಿಲ್ ಅಧ್ಯಕ್ಷ ಶೇಖ್ ಅಹ್ಮದ್ ಅಲ್ ಫಹಾದ್ ಅಲ್ ಸಬಾ 18ನೇ ಏಷ್ಯನ್ ಗೇಮ್ಸ್ ಮುಕ್ತಾಯವನ್ನು ಘೋಷಿಸಿದರು. 2022ರ ಏಷ್ಯನ್ ಗೇಮ್ಸ್ ಚೀನಾದ ಹ್ಯಾಂಗ್‌ಝೌನಲ್ಲಿ ನಡೆಯಲಿದೆ.
ಭಾರತಕ್ಕೆ 69 ಪದಕ: ಸುಮಾರು 40 ಬಗೆಯ ವಿವಿಧ ಕ್ರೀಡಾ ಸ್ಪರ್ಧೆಗಳಲ್ಲಿ ಭಾರತ ಕ್ರೀಡಾಪಟುಗಳು ಪಾಲ್ಗೊಂಡಿದ್ದರು. ಈ ಕ್ರೀಡಾಕೂಟದಲ್ಲಿ ಭಾರತ 69 ಪದಕಗಳನ್ನು ಪಡೆದಿದ್ದು, ಇದು ಇದುವರೆಗಿನ ಅತ್ಯುತ್ತಮ ಸಾಧನೆಯಾಗಿದೆ. 15 ಚಿನ್ನ, 24 ಬೆಳ್ಳಿ ಹಾಗೂ 30 ಕಂಚಿನ ಪದಕ ಗೆದ್ದಿದೆ.
3-1 ರಿಂದ ಟೆಸ್ಟ್ ಸರಣಿ ಸೋತ ಭಾರತ
ಸೌತಾಂಪ್ಟನ್, ಸೆ.2- ಇಂಗ್ಲೆಂಡ್ ವಿರುದ್ಧದ 4ನೇ ಟೆಸ್ಟ್‌ನಲ್ಲಿ ಭಾರತ ತಂಡ 60 ರನ್‌ಗಳ ಸೋಲು ಕಂಡು ಐದು ಪಂದ್ಯಗಳ ಟೆಸ್ಟ್ ಸರಣಿಯನ್ನು 3-1ರಿಂದ ಕಳೆದುಕೊಂಡಿತು. ಇಲ್ಲಿನ ಸೌತಾಂಪ್ಟನ್ ಮೈದಾನದಲ್ಲಿ ನಡೆದ 4ನೇ ಟೆಸ್ಟ್‌ನ 4ನೇ ದಿನ
ದಿನದಾಟದಲ್ಲಿ ಭಾರತ 69.4 ಓವರ್‌ಗಳಲ್ಲಿ 184 ರನ್‌ಗಳಿಗೆ ಆಲೌಟ್ ಆಯಿತು. ಗೆಲುವಿಗೆ 245 ರನ್‌ಗಳ ಗುರಿ ಬೆನ್ನತ್ತಿದ ಭಾರತದ ಪರ ನಾಯಕ ವಿರಾಟ್ ಕೊಹ್ಲಿ 58, ಅಜಿಂಕ್ಯ ರಹಾನೆ 51 ರನ್ ಗಳಿಸಿದರು. ಇಂಗ್ಲೆಂಡ್ ಪರ ಮೊಯಿನ್ ಅಲಿ 4 ವಿಕೆಟ್ ಪಡೆದರು. ಇಂಗ್ಲೆಂಡ್ ಪ್ರಥಮ ಇನ್ನಿಂಗ್ಸ್ 246, ದ್ವಿತೀಯ 271; ಭಾರತ ಪ್ರಥಮ 273 ರನ್ ಗಳಿಸಿತ್ತು.
